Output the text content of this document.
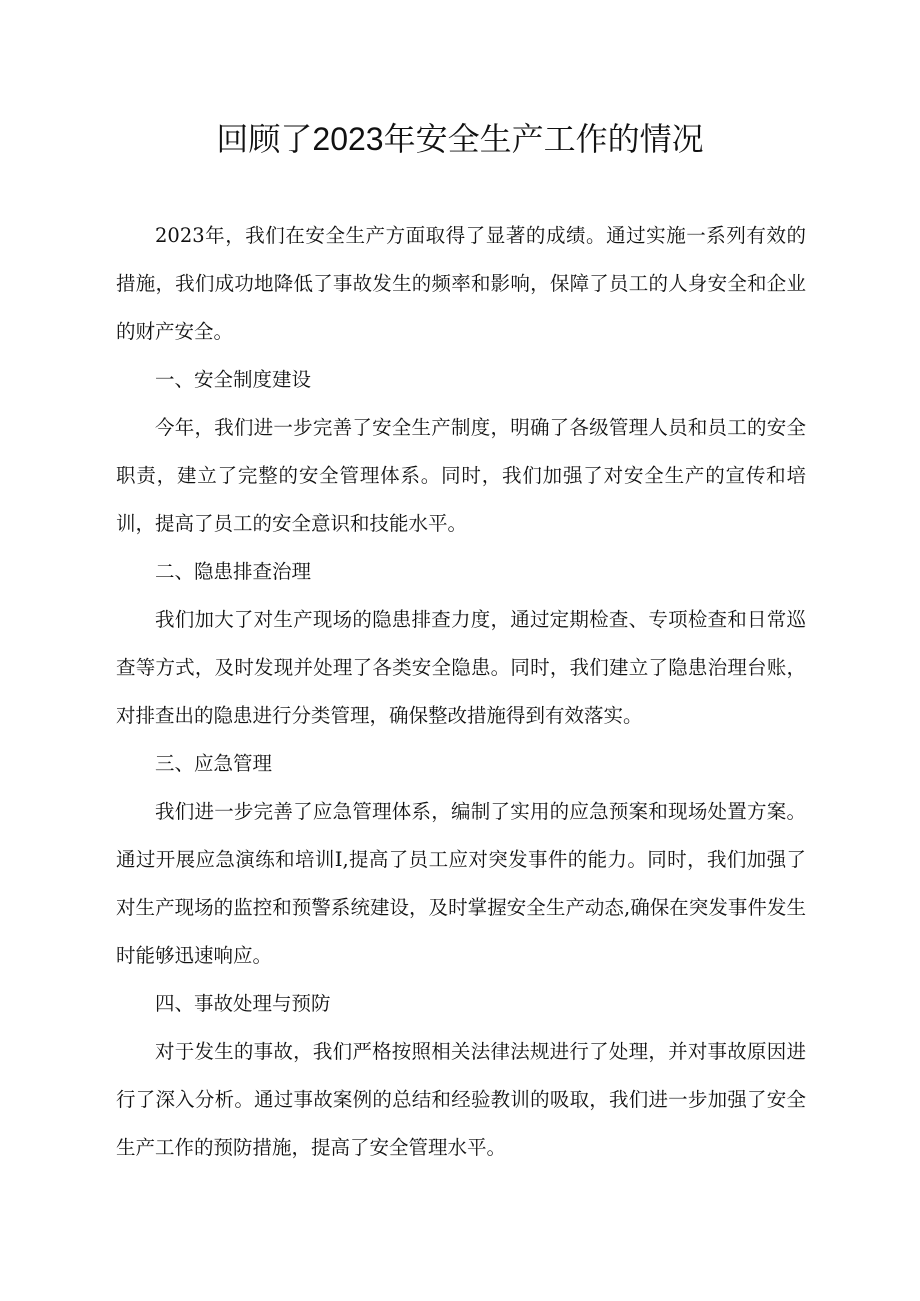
回顾了2023年安全生产工作的情况

2023年，我们在安全生产方面取得了显著的成绩。通过实施一系列有效的措施，我们成功地降低了事故发生的频率和影响，保障了员工的人身安全和企业的财产安全。

一、安全制度建设

今年，我们进一步完善了安全生产制度，明确了各级管理人员和员工的安全职责，建立了完整的安全管理体系。同时，我们加强了对安全生产的宣传和培训，提高了员工的安全意识和技能水平。

二、隐患排查治理

我们加大了对生产现场的隐患排查力度，通过定期检查、专项检查和日常巡查等方式，及时发现并处理了各类安全隐患。同时，我们建立了隐患治理台账，对排查出的隐患进行分类管理，确保整改措施得到有效落实。

三、应急管理

我们进一步完善了应急管理体系，编制了实用的应急预案和现场处置方案。通过开展应急演练和培训I,提高了员工应对突发事件的能力。同时，我们加强了对生产现场的监控和预警系统建设，及时掌握安全生产动态,确保在突发事件发生时能够迅速响应。

四、事故处理与预防

对于发生的事故，我们严格按照相关法律法规进行了处理，并对事故原因进行了深入分析。通过事故案例的总结和经验教训的吸取，我们进一步加强了安全生产工作的预防措施，提高了安全管理水平。
